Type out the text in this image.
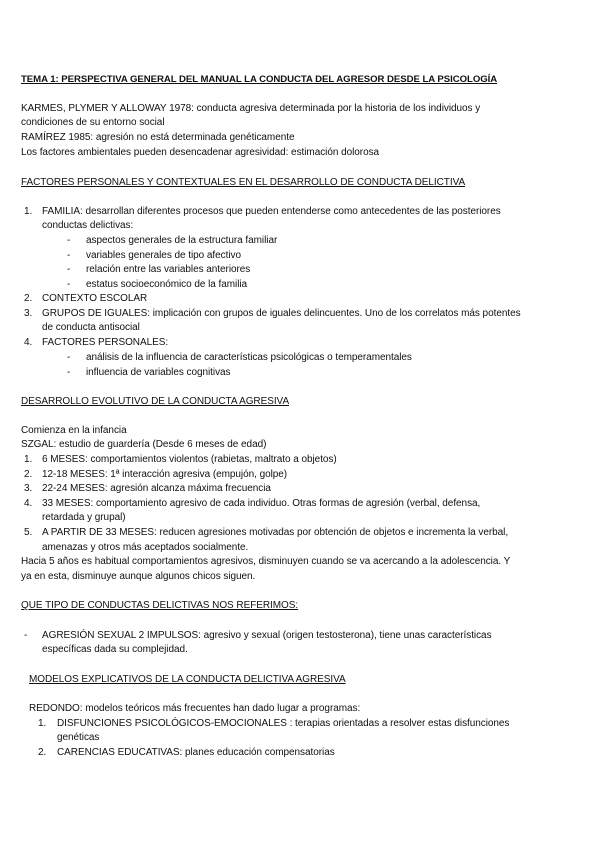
TEMA 1: PERSPECTIVA GENERAL DEL MANUAL LA CONDUCTA DEL AGRESOR DESDE LA PSICOLOGÍA
KARMES, PLYMER Y ALLOWAY 1978: conducta agresiva determinada por la historia de los individuos y
condiciones de su entorno social
RAMÍREZ 1985: agresión no está determinada genéticamente
Los factores ambientales pueden desencadenar agresividad: estimación dolorosa
FACTORES PERSONALES Y CONTEXTUALES EN EL DESARROLLO DE CONDUCTA DELICTIVA
1. FAMILIA: desarrollan diferentes procesos que pueden entenderse como antecedentes de las posteriores
conductas delictivas:
- aspectos generales de la estructura familiar
- variables generales de tipo afectivo
- relación entre las variables anteriores
- estatus socioeconómico de la familia
2. CONTEXTO ESCOLAR
3. GRUPOS DE IGUALES: implicación con grupos de iguales delincuentes. Uno de los correlatos más potentes
de conducta antisocial
4. FACTORES PERSONALES:
- análisis de la influencia de características psicológicas o temperamentales
- influencia de variables cognitivas
DESARROLLO EVOLUTIVO DE LA CONDUCTA AGRESIVA
Comienza en la infancia
SZGAL: estudio de guardería (Desde 6 meses de edad)
1. 6 MESES: comportamientos violentos (rabietas, maltrato a objetos)
2. 12-18 MESES: 1ª interacción agresiva (empujón, golpe)
3. 22-24 MESES: agresión alcanza máxima frecuencia
4. 33 MESES: comportamiento agresivo de cada individuo. Otras formas de agresión (verbal, defensa,
retardada y grupal)
5. A PARTIR DE 33 MESES: reducen agresiones motivadas por obtención de objetos e incrementa la verbal,
amenazas y otros más aceptados socialmente.
Hacia 5 años es habitual comportamientos agresivos, disminuyen cuando se va acercando a la adolescencia. Y
ya en esta, disminuye aunque algunos chicos siguen.
QUE TIPO DE CONDUCTAS DELICTIVAS NOS REFERIMOS:
- AGRESIÓN SEXUAL 2 IMPULSOS: agresivo y sexual (origen testosterona), tiene unas características
específicas dada su complejidad.
MODELOS EXPLICATIVOS DE LA CONDUCTA DELICTIVA AGRESIVA
REDONDO: modelos teóricos más frecuentes han dado lugar a programas:
1. DISFUNCIONES PSICOLÓGICOS-EMOCIONALES : terapias orientadas a resolver estas disfunciones
genéticas
2. CARENCIAS EDUCATIVAS: planes educación compensatorias
